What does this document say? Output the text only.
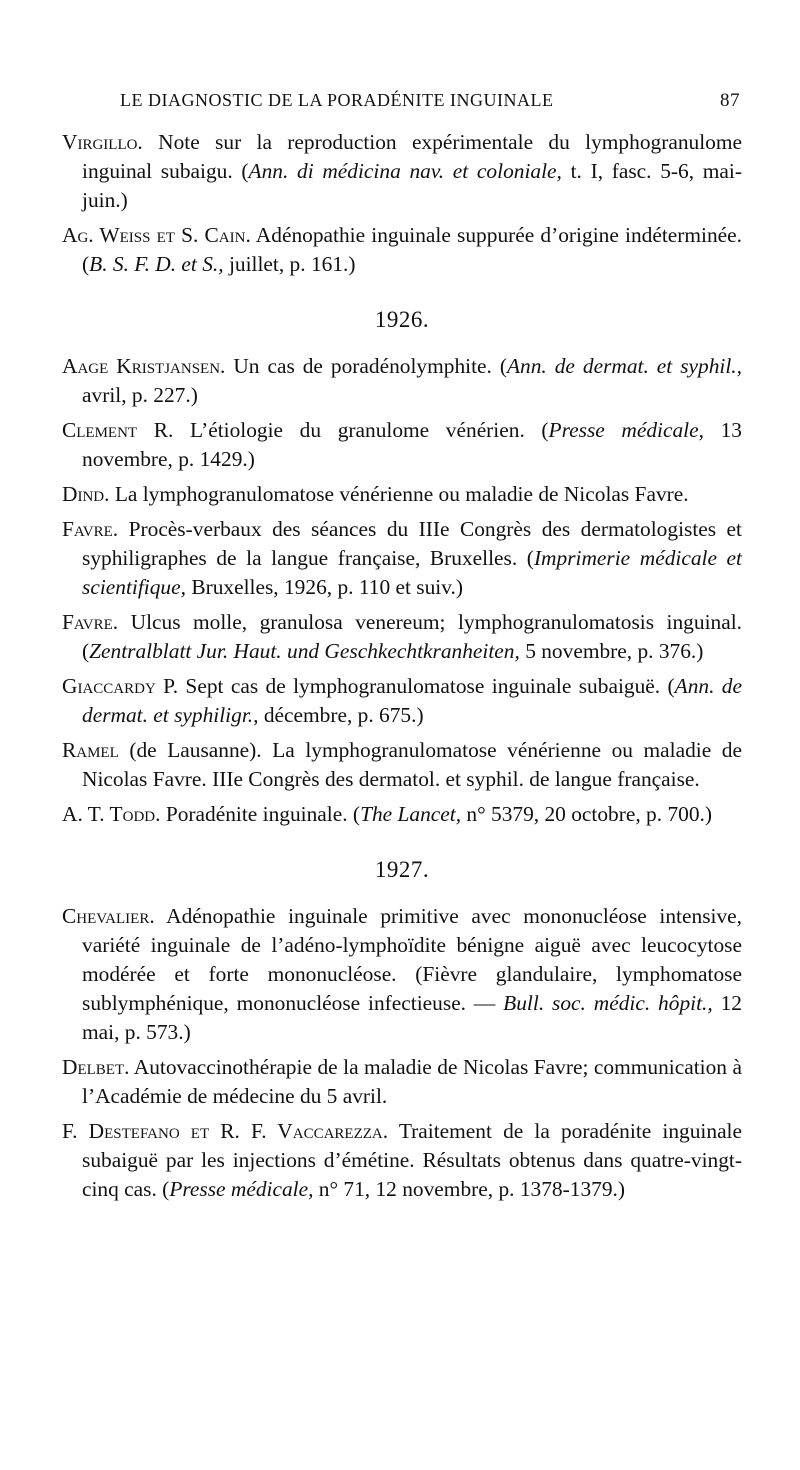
LE DIAGNOSTIC DE LA PORADÉNITE INGUINALE	87

Virgillo. Note sur la reproduction expérimentale du lymphogranulome inguinal subaigu. (Ann. di médicina nav. et coloniale, t. I, fasc. 5-6, mai-juin.)

Ag. Weiss et S. Cain. Adénopathie inguinale suppurée d’origine indéterminée. (B. S. F. D. et S., juillet, p. 161.)

1926.

Aage Kristjansen. Un cas de poradénolymphite. (Ann. de dermat. et syphil., avril, p. 227.)

Clement R. L’étiologie du granulome vénérien. (Presse médicale, 13 novembre, p. 1429.)

Dind. La lymphogranulomatose vénérienne ou maladie de Nicolas Favre.

Favre. Procès-verbaux des séances du IIIe Congrès des dermatologistes et syphiligraphes de la langue française, Bruxelles. (Imprimerie médicale et scientifique, Bruxelles, 1926, p. 110 et suiv.)

Favre. Ulcus molle, granulosa venereum; lymphogranulomatosis inguinal. (Zentralblatt Jur. Haut. und Geschkechtkranheiten, 5 novembre, p. 376.)

Giaccardy P. Sept cas de lymphogranulomatose inguinale subaiguë. (Ann. de dermat. et syphiligr., décembre, p. 675.)

Ramel (de Lausanne). La lymphogranulomatose vénérienne ou maladie de Nicolas Favre. IIIe Congrès des dermatol. et syphil. de langue française.

A. T. Todd. Poradénite inguinale. (The Lancet, n° 5379, 20 octobre, p. 700.)

1927.

Chevalier. Adénopathie inguinale primitive avec mononucléose intensive, variété inguinale de l’adéno-lymphoïdite bénigne aiguë avec leucocytose modérée et forte mononucléose. (Fièvre glandulaire, lymphomatose sublymphénique, mononucléose infectieuse. — Bull. soc. médic. hôpit., 12 mai, p. 573.)

Delbet. Autovaccinothérapie de la maladie de Nicolas Favre; communication à l’Académie de médecine du 5 avril.

F. Destefano et R. F. Vaccarezza. Traitement de la poradénite inguinale subaiguë par les injections d’émétine. Résultats obtenus dans quatre-vingt-cinq cas. (Presse médicale, n° 71, 12 novembre, p. 1378-1379.)
